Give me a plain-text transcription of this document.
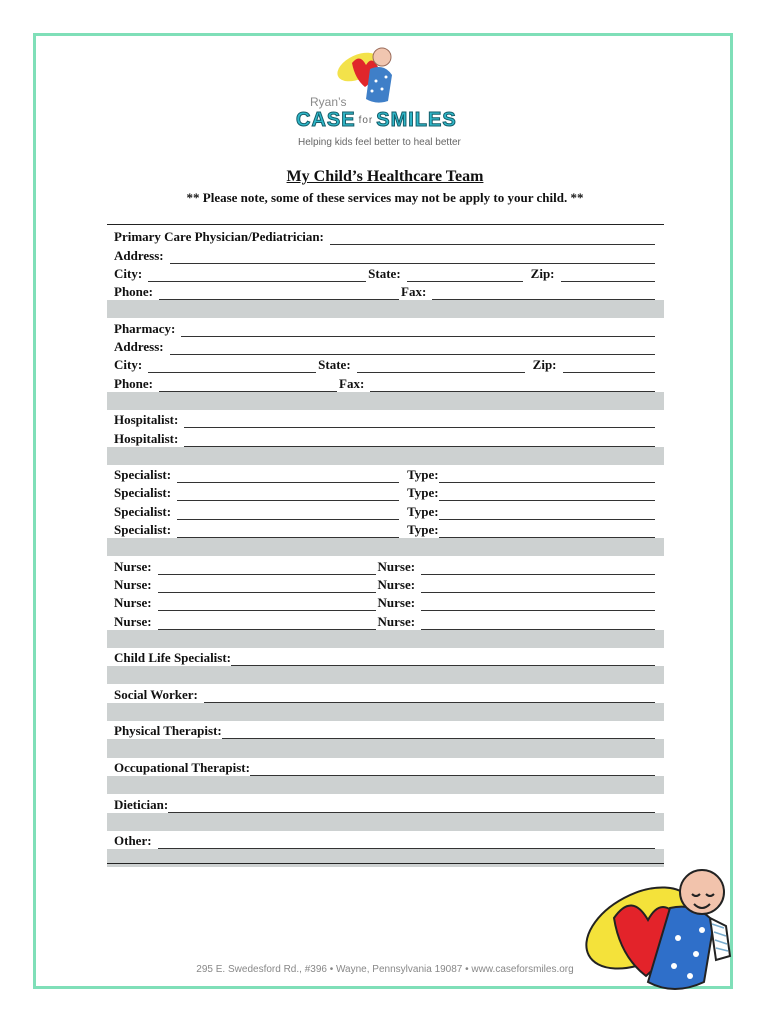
Ryan’s
CASE for SMILES
Helping kids feel better to heal better
My Child’s Healthcare Team
** Please note, some of these services may not be apply to your child. **
Primary Care Physician/Pediatrician:
Address:
City:	State:	Zip:
Phone:	Fax:
Pharmacy:
Address:
City:	State:	Zip:
Phone:	Fax:
Hospitalist:
Hospitalist:
Specialist:	Type:
Specialist:	Type:
Specialist:	Type:
Specialist:	Type:
Nurse:	Nurse:
Nurse:	Nurse:
Nurse:	Nurse:
Nurse:	Nurse:
Child Life Specialist:
Social Worker:
Physical Therapist:
Occupational Therapist:
Dietician:
Other:
295 E. Swedesford Rd., #396 • Wayne, Pennsylvania 19087 • www.caseforsmiles.org
